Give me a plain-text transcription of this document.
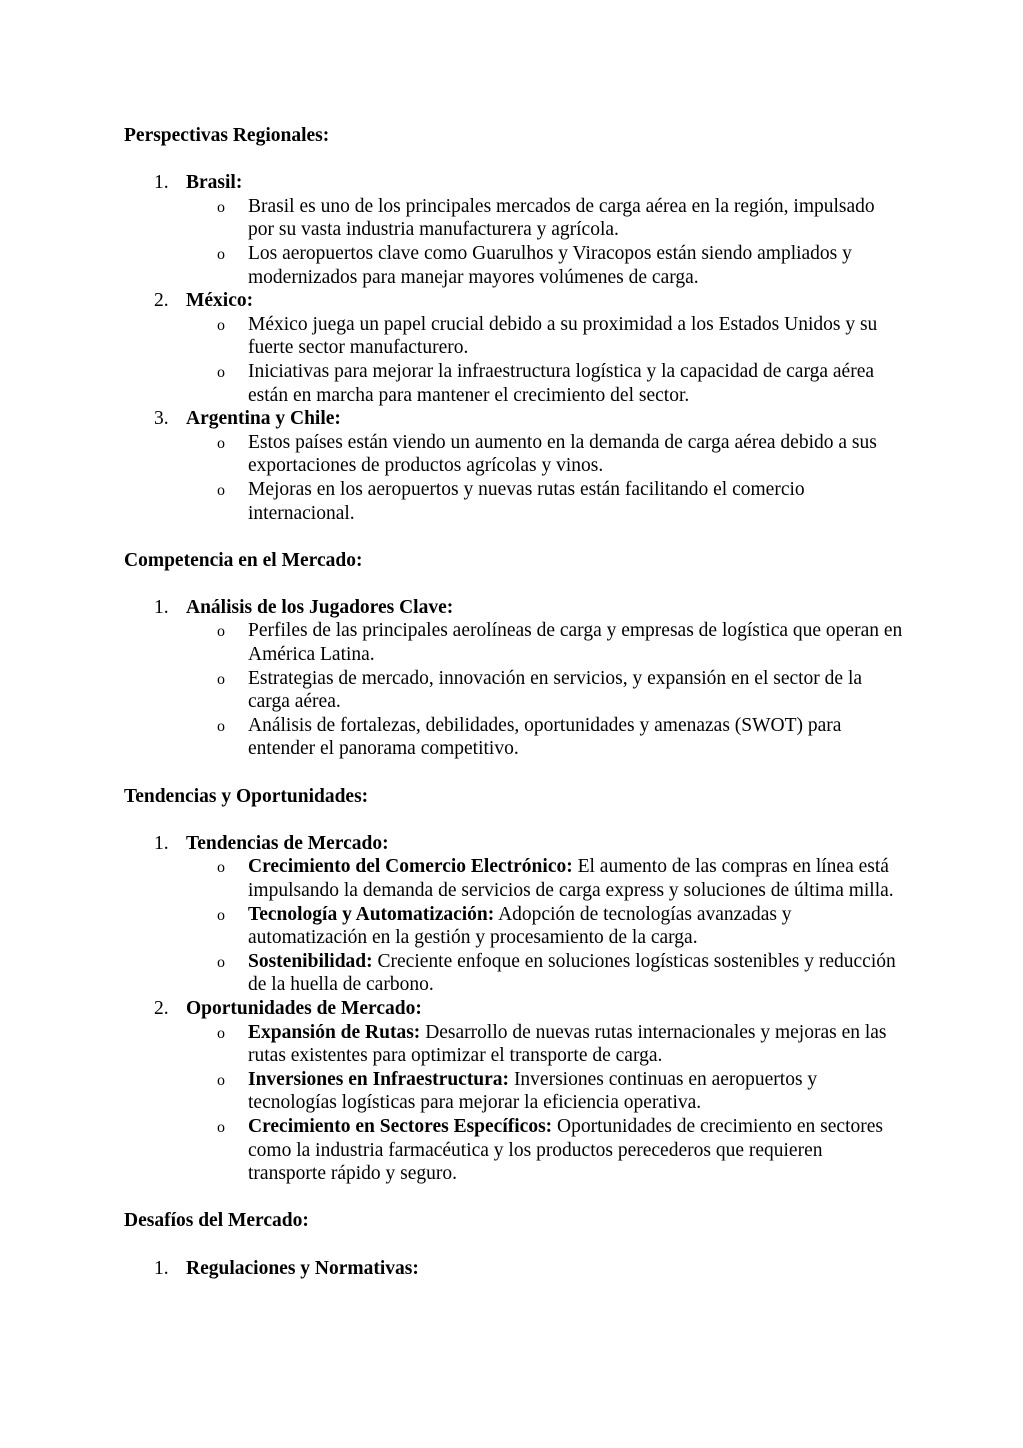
Perspectivas Regionales:
1. Brasil:
o Brasil es uno de los principales mercados de carga aérea en la región, impulsado por su vasta industria manufacturera y agrícola.
o Los aeropuertos clave como Guarulhos y Viracopos están siendo ampliados y modernizados para manejar mayores volúmenes de carga.
2. México:
o México juega un papel crucial debido a su proximidad a los Estados Unidos y su fuerte sector manufacturero.
o Iniciativas para mejorar la infraestructura logística y la capacidad de carga aérea están en marcha para mantener el crecimiento del sector.
3. Argentina y Chile:
o Estos países están viendo un aumento en la demanda de carga aérea debido a sus exportaciones de productos agrícolas y vinos.
o Mejoras en los aeropuertos y nuevas rutas están facilitando el comercio internacional.
Competencia en el Mercado:
1. Análisis de los Jugadores Clave:
o Perfiles de las principales aerolíneas de carga y empresas de logística que operan en América Latina.
o Estrategias de mercado, innovación en servicios, y expansión en el sector de la carga aérea.
o Análisis de fortalezas, debilidades, oportunidades y amenazas (SWOT) para entender el panorama competitivo.
Tendencias y Oportunidades:
1. Tendencias de Mercado:
o Crecimiento del Comercio Electrónico: El aumento de las compras en línea está impulsando la demanda de servicios de carga express y soluciones de última milla.
o Tecnología y Automatización: Adopción de tecnologías avanzadas y automatización en la gestión y procesamiento de la carga.
o Sostenibilidad: Creciente enfoque en soluciones logísticas sostenibles y reducción de la huella de carbono.
2. Oportunidades de Mercado:
o Expansión de Rutas: Desarrollo de nuevas rutas internacionales y mejoras en las rutas existentes para optimizar el transporte de carga.
o Inversiones en Infraestructura: Inversiones continuas en aeropuertos y tecnologías logísticas para mejorar la eficiencia operativa.
o Crecimiento en Sectores Específicos: Oportunidades de crecimiento en sectores como la industria farmacéutica y los productos perecederos que requieren transporte rápido y seguro.
Desafíos del Mercado:
1. Regulaciones y Normativas:
